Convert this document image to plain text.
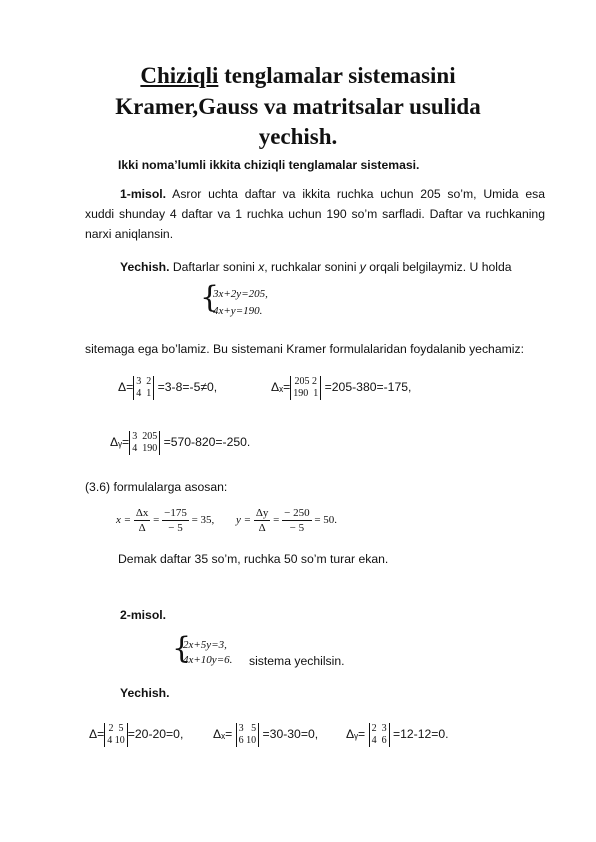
Chiziqli tenglamalar sistemasini
Kramer,Gauss va matritsalar usulida
yechish.
Ikki noma’lumli ikkita chiziqli tenglamalar sistemasi.
1-misol. Asror uchta daftar va ikkita ruchka uchun 205 so’m, Umida esa
xuddi shunday 4 daftar va 1 ruchka uchun 190 so’m sarfladi. Daftar va ruchkaning
narxi aniqlansin.
Yechish. Daftarlar sonini x, ruchkalar sonini y orqali belgilaymiz. U holda
{
3x+2y=205,
4x+y=190.
sitemaga ega bo’lamiz. Bu sistemani Kramer formulalaridan foydalanib yechamiz:
Δ= 3 2
4 1 =3-8=-5≠0,	Δₓ= 205 2
190 1 =205-380=-175,
Δᵧ= 3 205
4 190 =570-820=-250.
(3.6) formulalarga asosan:
$x = \frac{\Delta x}{\Delta} = \frac{-175}{- 5} = 35$, $y = \frac{\Delta y}{\Delta} = \frac{- 250}{- 5} = 50$.
Demak daftar 35 so’m, ruchka 50 so’m turar ekan.
2-misol.
{
2x+5y=3,
4x+10y=6. sistema yechilsin.
Yechish.
Δ= 2 5
4 10 =20-20=0, Δₓ= 3 5
6 10 =30-30=0, Δᵧ= 2 3
4 6 =12-12=0.
